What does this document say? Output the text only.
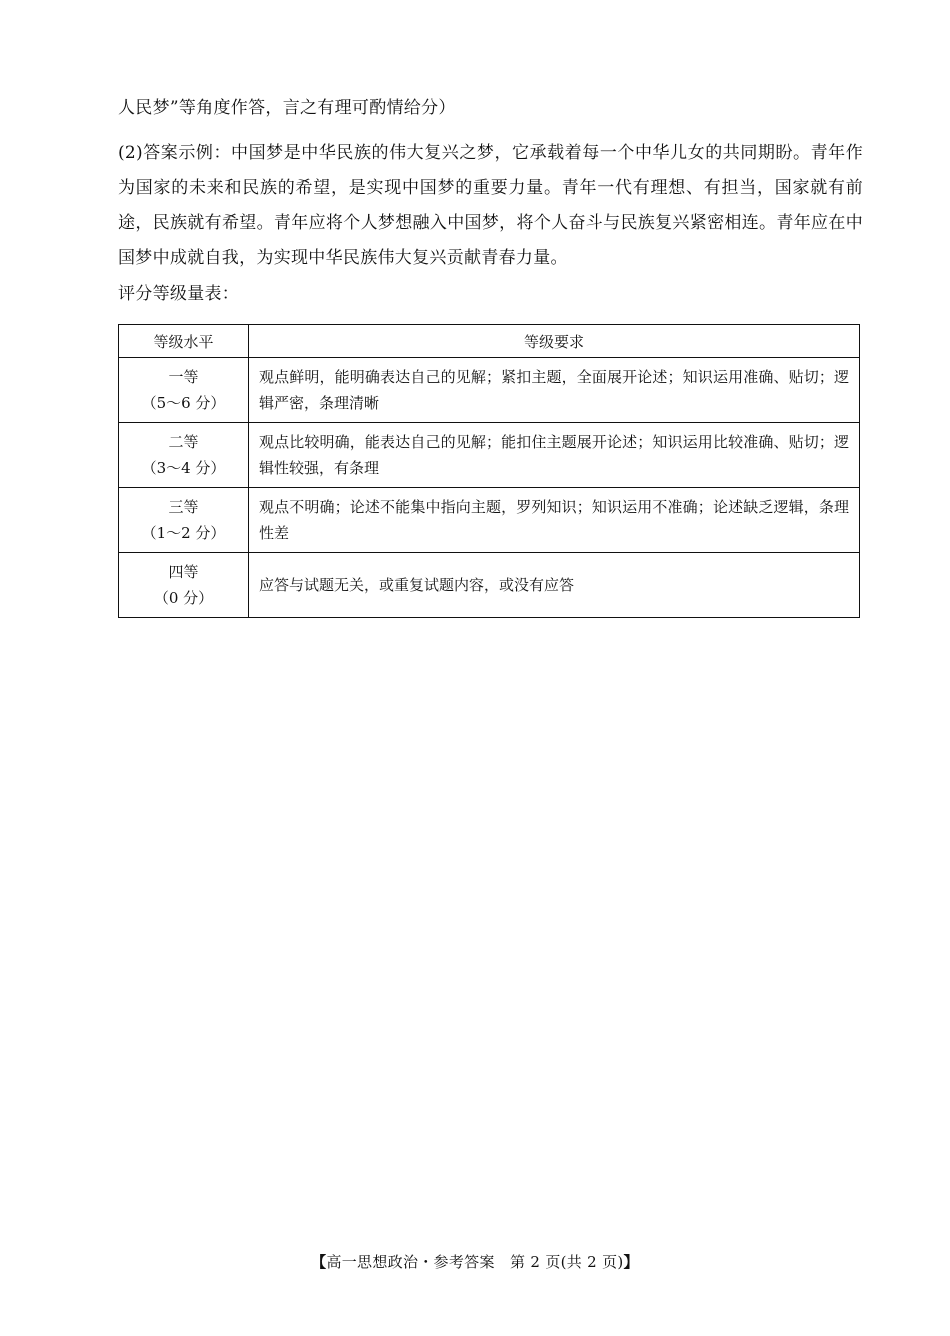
人民梦”等角度作答，言之有理可酌情给分）
(2)答案示例：中国梦是中华民族的伟大复兴之梦，它承载着每一个中华儿女的共同期盼。青年作为国家的未来和民族的希望，是实现中国梦的重要力量。青年一代有理想、有担当，国家就有前途，民族就有希望。青年应将个人梦想融入中国梦，将个人奋斗与民族复兴紧密相连。青年应在中国梦中成就自我，为实现中华民族伟大复兴贡献青春力量。
评分等级量表：
等级水平	等级要求

一等
（5～6 分）	观点鲜明，能明确表达自己的见解；紧扣主题，全面展开论述；知识运用准确、贴切；逻辑严密，条理清晰

二等
（3～4 分）	观点比较明确，能表达自己的见解；能扣住主题展开论述；知识运用比较准确、贴切；逻辑性较强，有条理

三等
（1～2 分）	观点不明确；论述不能集中指向主题，罗列知识；知识运用不准确；论述缺乏逻辑，条理性差

四等
（0 分）	应答与试题无关，或重复试题内容，或没有应答
【高一思想政治・参考答案　第 2 页(共 2 页)】
